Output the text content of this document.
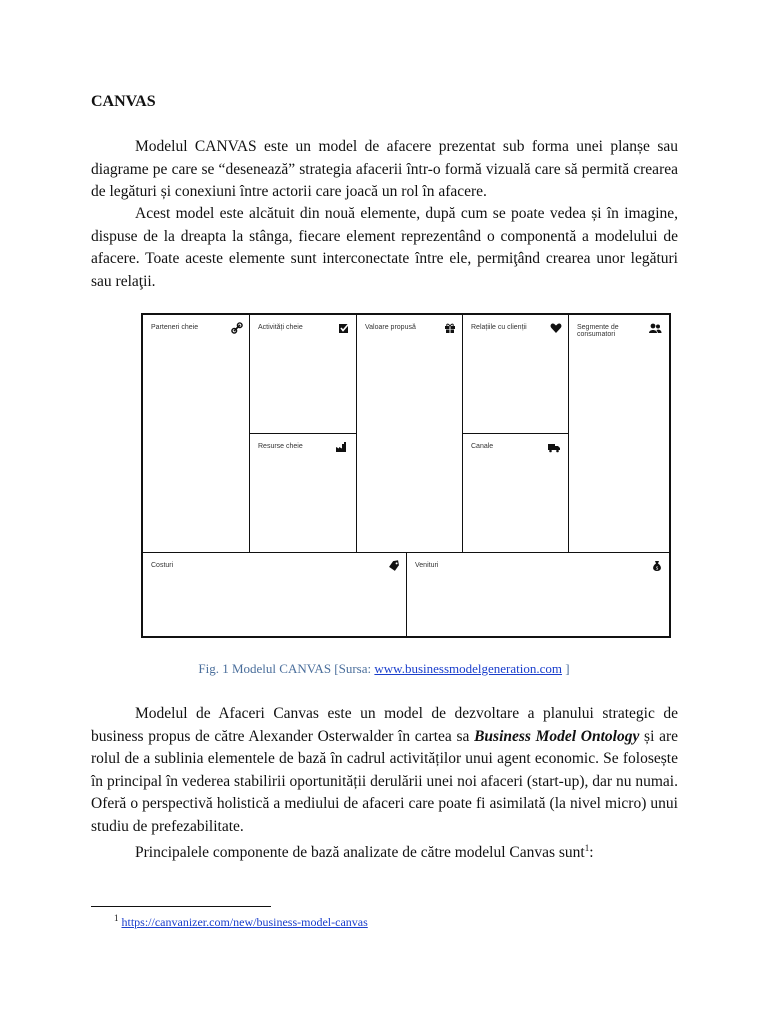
CANVAS

Modelul CANVAS este un model de afacere prezentat sub forma unei planșe sau diagrame pe care se “desenează” strategia afacerii într-o formă vizuală care să permită crearea de legături și conexiuni între actorii care joacă un rol în afacere.

Acest model este alcătuit din nouă elemente, după cum se poate vedea și în imagine, dispuse de la dreapta la stânga, fiecare element reprezentând o componentă a modelului de afacere. Toate aceste elemente sunt interconectate între ele, permiţând crearea unor legături sau relaţii.

Parteneri cheie	Activități cheie
Resurse cheie
Valoare propusă	Relațiile cu clienții
Canale
Segmente de consumatori
Costuri	Venituri
$
Fig. 1 Modelul CANVAS [Sursa: www.businessmodelgeneration.com ]

Modelul de Afaceri Canvas este un model de dezvoltare a planului strategic de business propus de către Alexander Osterwalder în cartea sa Business Model Ontology și are rolul de a sublinia elementele de bază în cadrul activităților unui agent economic. Se folosește în principal în vederea stabilirii oportunității derulării unei noi afaceri (start-up), dar nu numai. Oferă o perspectivă holistică a mediului de afaceri care poate fi asimilată (la nivel micro) unui studiu de prefezabilitate.

Principalele componente de bază analizate de către modelul Canvas sunt$^1$:

$^1$ https://canvanizer.com/new/business-model-canvas
